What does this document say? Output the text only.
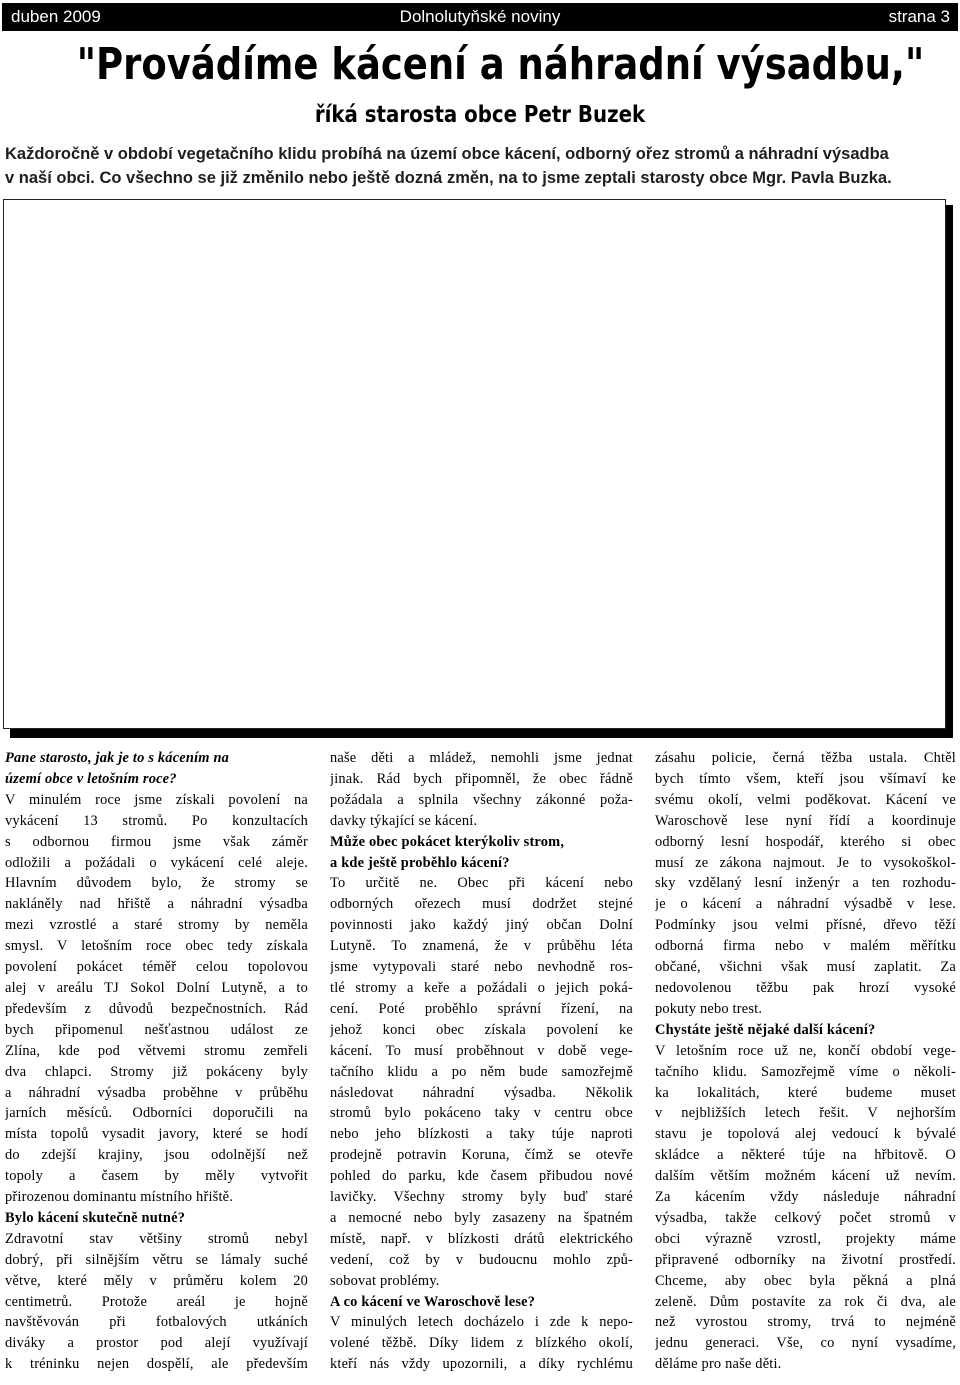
Dolnolutyňské noviny
duben 2009	strana 3
"Provádíme kácení a náhradní výsadbu,"
říká starosta obce Petr Buzek
Každoročně v období vegetačního klidu probíhá na území obce kácení, odborný ořez stromů a náhradní výsadba
v naší obci. Co všechno se již změnilo nebo ještě dozná změn, na to jsme zeptali starosty obce Mgr. Pavla Buzka.

Pane starosto, jak je to s kácením na

území obce v letošním roce?

V minulém roce jsme získali povolení na

vykácení 13 stromů. Po konzultacích

s odbornou firmou jsme však záměr

odložili a požádali o vykácení celé aleje.

Hlavním důvodem bylo, že stromy se

nakláněly nad hřiště a náhradní výsadba

mezi vzrostlé a staré stromy by neměla

smysl. V letošním roce obec tedy získala

povolení pokácet téměř celou topolovou

alej v areálu TJ Sokol Dolní Lutyně, a to

především z důvodů bezpečnostních. Rád

bych připomenul nešťastnou událost ze

Zlína, kde pod větvemi stromu zemřeli

dva chlapci. Stromy již pokáceny byly

a náhradní výsadba proběhne v průběhu

jarních měsíců. Odborníci doporučili na

místa topolů vysadit javory, které se hodí

do zdejší krajiny, jsou odolnější než

topoly a časem by měly vytvořit

přirozenou dominantu místního hřiště.

Bylo kácení skutečně nutné?

Zdravotní stav většiny stromů nebyl

dobrý, při silnějším větru se lámaly suché

větve, které měly v průměru kolem 20

centimetrů. Protože areál je hojně

navštěvován při fotbalových utkáních

diváky a prostor pod alejí využívají

k tréninku nejen dospělí, ale především

naše děti a mládež, nemohli jsme jednat

jinak. Rád bych připomněl, že obec řádně

požádala a splnila všechny zákonné poža-

davky týkající se kácení.

Může obec pokácet kterýkoliv strom,

a kde ještě proběhlo kácení?

To určitě ne. Obec při kácení nebo

odborných ořezech musí dodržet stejné

povinnosti jako každý jiný občan Dolní

Lutyně. To znamená, že v průběhu léta

jsme vytypovali staré nebo nevhodně ros-

tlé stromy a keře a požádali o jejich poká-

cení. Poté proběhlo správní řízení, na

jehož konci obec získala povolení ke

kácení. To musí proběhnout v době vege-

tačního klidu a po něm bude samozřejmě

následovat náhradní výsadba. Několik

stromů bylo pokáceno taky v centru obce

nebo jeho blízkosti a taky túje naproti

prodejně potravin Koruna, čímž se otevře

pohled do parku, kde časem přibudou nové

lavičky. Všechny stromy byly buď staré

a nemocné nebo byly zasazeny na špatném

místě, např. v blízkosti drátů elektrického

vedení, což by v budoucnu mohlo způ-

sobovat problémy.

A co kácení ve Waroschově lese?

V minulých letech docházelo i zde k nepo-

volené těžbě. Díky lidem z blízkého okolí,

kteří nás vždy upozornili, a díky rychlému

zásahu policie, černá těžba ustala. Chtěl

bych tímto všem, kteří jsou všímaví ke

svému okolí, velmi poděkovat. Kácení ve

Waroschově lese nyní řídí a koordinuje

odborný lesní hospodář, kterého si obec

musí ze zákona najmout. Je to vysokoškol-

sky vzdělaný lesní inženýr a ten rozhodu-

je o kácení a náhradní výsadbě v lese.

Podmínky jsou velmi přísné, dřevo těží

odborná firma nebo v malém měřítku

občané, všichni však musí zaplatit. Za

nedovolenou těžbu pak hrozí vysoké

pokuty nebo trest.

Chystáte ještě nějaké další kácení?

V letošním roce už ne, končí období vege-

tačního klidu. Samozřejmě víme o několi-

ka lokalitách, které budeme muset

v nejbližších letech řešit. V nejhorším

stavu je topolová alej vedoucí k bývalé

skládce a některé túje na hřbitově. O

dalším větším možném kácení už nevím.

Za kácením vždy následuje náhradní

výsadba, takže celkový počet stromů v

obci výrazně vzrostl, projekty máme

připravené odborníky na životní prostředí.

Chceme, aby obec byla pěkná a plná

zeleně. Dům postavíte za rok či dva, ale

než vyrostou stromy, trvá to nejméně

jednu generaci. Vše, co nyní vysadíme,

děláme pro naše děti.
